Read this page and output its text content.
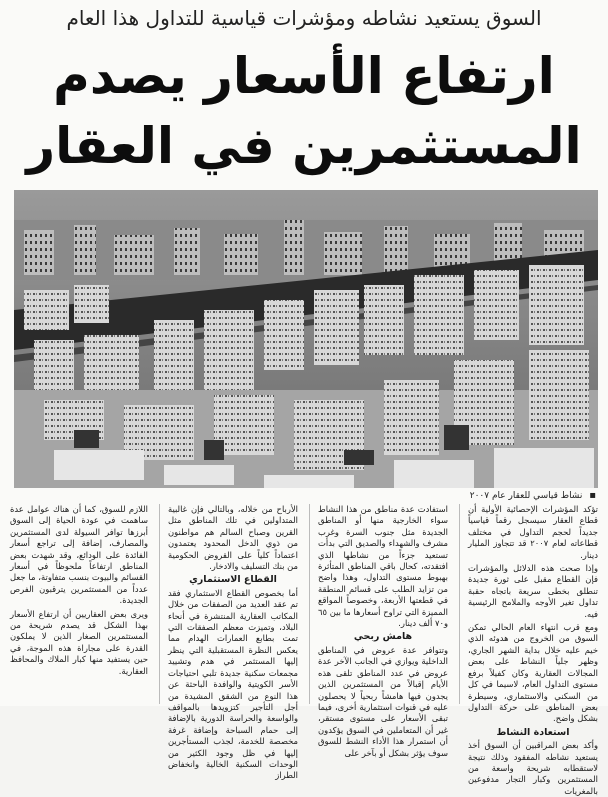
السوق يستعيد نشاطه ومؤشرات قياسية للتداول هذا العام
ارتفاع الأسعار يصدم
المستثمرين في العقار
▪ نشاط قياسي للعقار عام ٢٠٠٧

تؤكد المؤشرات الإحصائية الأولية أن قطاع العقار سيسجل رقماً قياسياً جديداً لحجم التداول في مختلف قطاعاته لعام ٢٠٠٧ قد تتجاوز المليار دينار.

وإذا صحت هذه الدلائل والمؤشرات فإن القطاع مقبل على ثورة جديدة تنطلق بخطى سريعة باتجاه حقبة تداول تغير الأوجه والملامح الرئيسية فيه.

ومع قرب انتهاء العام الحالي تمكن السوق من الخروج من هدوئه الذي خيم عليه خلال بداية الشهر الجاري، وظهر جلياً النشاط على بعض المجالات العقارية وكان كفيلاً برفع مستوى التداول العام، لاسيما في كل من السكني والاستثماري، وسيطرة بعض المناطق على حركة التداول بشكل واضح.

استعادة النشاط

وأكد بعض المراقبين أن السوق أخذ يستعيد نشاطه المفقود وذلك نتيجة لاستقطابه شريحة واسعة من المستثمرين وكبار التجار مدفوعين بالمغريات

استفادت عدة مناطق من هذا النشاط سواء الخارجية منها أو المناطق الجديدة مثل جنوب السرة وغرب مشرف والشهداء والصديق التي بدأت تستعيد جزءاً من نشاطها الذي افتقدته، كحال باقي المناطق المتأثرة بهبوط مستوى التداول، وهذا واضح من تزايد الطلب على قسائم المنطقة في قطعتها الأربعة، وخصوصاً المواقع المميزة التي تراوح أسعارها ما بين ٦٥ و٧٠ ألف دينار.

هامش ربحي

وتتوافر عدة عروض في المناطق الداخلية ويوازي في الجانب الآخر عدة عروض في عدد المناطق تلقى هذه الأيام إقبالاً من المستثمرين الذين يجدون فيها هامشاً ربحياً لا يحصلون عليه في قنوات استثمارية أخرى، فيما تبقى الأسعار على مستوى مستقر، غير أن المتعاملين في السوق يؤكدون أن استمرار هذا الأداء النشط للسوق سوف يؤثر بشكل أو بآخر على

الأرباح من خلاله، وبالتالي فإن غالبية المتداولين في تلك المناطق مثل القرين وصباح السالم هم مواطنون من ذوي الدخل المحدود يعتمدون اعتماداً كلياً على القروض الحكومية من بنك التسليف والادخار.

القطاع الاستثماري

أما بخصوص القطاع الاستثماري فقد تم عقد العديد من الصفقات من خلال المكاتب العقارية المنتشرة في أنحاء البلاد، وتميزت معظم الصفقات التي تمت بطابع العمارات الهدام مما يعكس النظرة المستقبلية التي ينظر إليها المستثمر في هدم وتشييد مجمعات سكنية جديدة تلبي احتياجات الأسر الكويتية والوافدة الباحثة عن هذا النوع من الشقق المشيدة من أجل التأجير كتزويدها بالمواقف والواسعة والحراسة الدورية بالإضافة إلى حمام السباحة وإضافة غرفة مخصصة للخدمة، لجذب المستأجرين إليها في ظل وجود الكثير من الوحدات السكنية الخالية وانخفاض الطراز

اللازم للسوق، كما أن هناك عوامل عدة ساهمت في عودة الحياة إلى السوق أبرزها توافر السيولة لدى المستثمرين والمصارف، إضافة إلى تراجع أسعار الفائدة على الودائع، وقد شهدت بعض المناطق ارتفاعاً ملحوظاً في أسعار القسائم والبيوت بنسب متفاوتة، ما جعل عدداً من المستثمرين يترقبون الفرص الجديدة.

ويرى بعض العقاريين أن ارتفاع الأسعار بهذا الشكل قد يصدم شريحة من المستثمرين الصغار الذين لا يملكون القدرة على مجاراة هذه الموجة، في حين يستفيد منها كبار الملاك والمحافظ العقارية.
